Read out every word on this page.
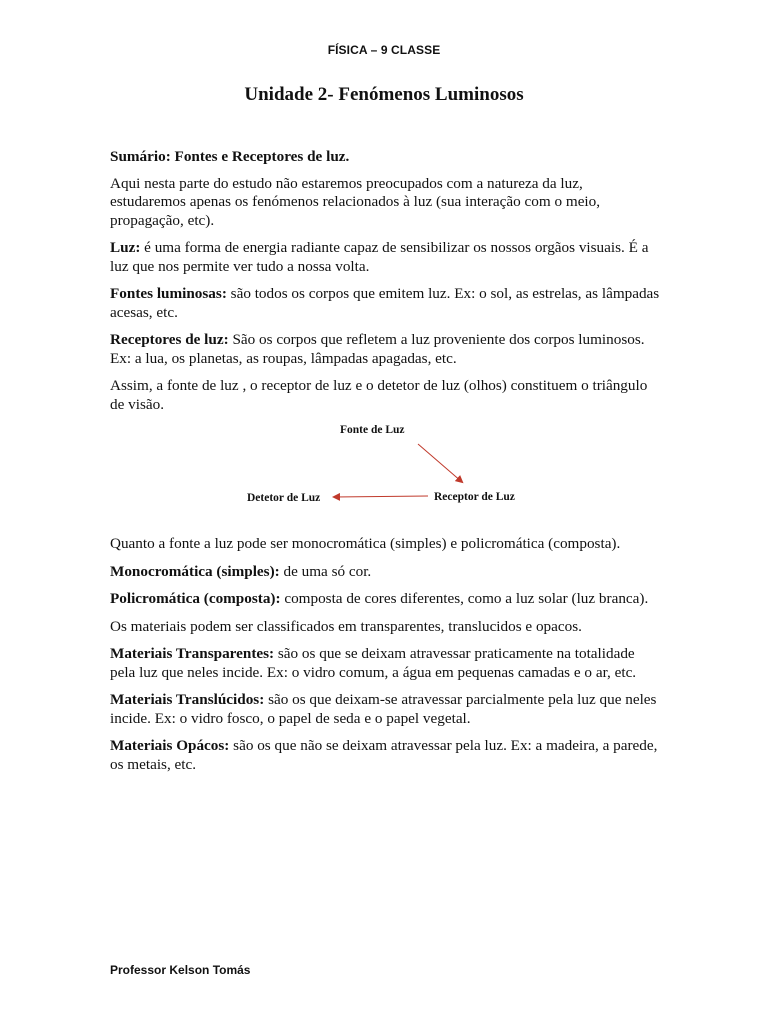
FÍSICA – 9 CLASSE
Unidade 2- Fenómenos Luminosos

Sumário: Fontes e Receptores de luz.

Aqui nesta parte do estudo não estaremos preocupados com a natureza da luz, estudaremos apenas os fenómenos relacionados à luz (sua interação com o meio, propagação, etc).

Luz: é uma forma de energia radiante capaz de sensibilizar os nossos orgãos visuais. É a luz que nos permite ver tudo a nossa volta.

Fontes luminosas: são todos os corpos que emitem luz. Ex: o sol, as estrelas, as lâmpadas acesas, etc.

Receptores de luz: São os corpos que refletem a luz proveniente dos corpos luminosos. Ex: a lua, os planetas, as roupas, lâmpadas apagadas, etc.

Assim, a fonte de luz , o receptor de luz e o detetor de luz (olhos) constituem o triângulo de visão.

Fonte de Luz
Receptor de Luz
Detetor de Luz

Quanto a fonte a luz pode ser monocromática (simples) e policromática (composta).

Monocromática (simples): de uma só cor.

Policromática (composta): composta de cores diferentes, como a luz solar (luz branca).

Os materiais podem ser classificados em transparentes, translucidos e opacos.

Materiais Transparentes: são os que se deixam atravessar praticamente na totalidade pela luz que neles incide. Ex: o vidro comum, a água em pequenas camadas e o ar, etc.

Materiais Translúcidos: são os que deixam-se atravessar parcialmente pela luz que neles incide. Ex: o vidro fosco, o papel de seda e o papel vegetal.

Materiais Opácos: são os que não se deixam atravessar pela luz. Ex: a madeira, a parede, os metais, etc.

Professor Kelson Tomás
